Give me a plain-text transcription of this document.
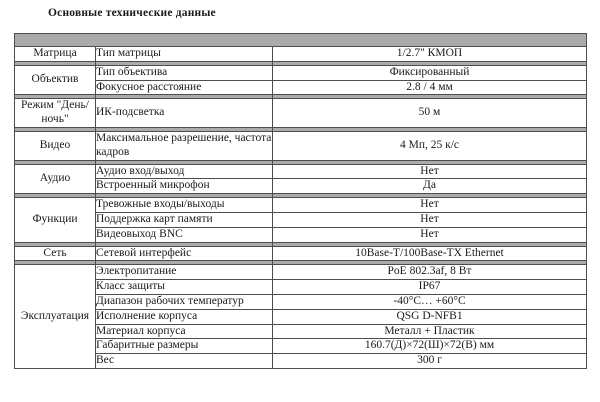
Основные технические данные

Матрица	Тип матрицы	1/2.7" КМОП

Объектив	Тип объектива	Фиксированный
	Фокусное расстояние	2.8 / 4 мм

Режим "День/ночь"	ИК-подсветка	50 м

Видео	Максимальное разрешение, частота кадров	4 Мп, 25 к/с

Аудио	Аудио вход/выход	Нет
	Встроенный микрофон	Да

Функции	Тревожные входы/выходы	Нет
	Поддержка карт памяти	Нет
	Видеовыход BNC	Нет

Сеть	Сетевой интерфейс	10Base-T/100Base-TX Ethernet

Эксплуатация	Электропитание	PoE 802.3af, 8 Вт
	Класс защиты	IP67
	Диапазон рабочих температур	-40°C… +60°C
	Исполнение корпуса	QSG D-NFB1
	Материал корпуса	Металл + Пластик
	Габаритные размеры	160.7(Д)×72(Ш)×72(В) мм
	Вес	300 г
